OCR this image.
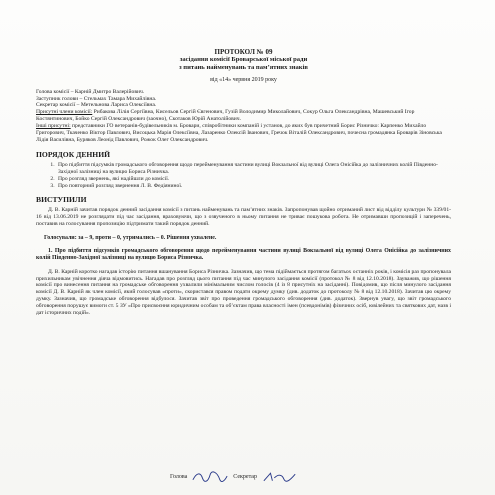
ПРОТОКОЛ № 09
засідання комісії Броварської міської ради
з питань найменувань та пам’ятних знаків
від «14» червня 2019 року
Голова комісії – Карній Дмитро Валерійович.
Заступник голови – Стельмах Тамара Михайлівна.
Секретар комісії – Метельнова Лариса Олексіївна.
Присутні члени комісії: Рибакова Лілія Сергіївна, Кисельов Сергій Євгенович, Гузій Володимир Миколайович, Сокур Ольга Олександрівна, Машевський Ігор Костянтинович, Бойко Сергій Олександрович (заочно), Скотаков Юрій Анатолійович.
Інші присутні: представники ГО ветеранів-будівельників м. Бровари, співробітники компаній і установ, до яких був причетний Борис Різничко: Карпенко Михайло Григорович, Ткаченко Віктор Павлович, Висоцька Марія Олексіївна, Лазаренко Олексій Іванович, Гречок Віталій Олександрович, почесна громадянка Броварів Зіновська Лідія Василівна, Буряков Леонід Павлович, Рожок Олег Олександрович.
ПОРЯДОК ДЕННИЙ
1. Про підбиття підсумків громадського обговорення щодо перейменування частини вулиці Вокзальної від вулиці Олега Онісійка до залізничних колій Південно-Західної залізниці на вулицю Бориса Різничка.
2. Про розгляд звернень, які надійшли до комісії.
3. Про повторний розгляд звернення Л. В. Федіяниної.
ВИСТУПИЛИ

Д. В. Карній зачитав порядок денний засідання комісії з питань найменувань та пам’ятних знаків. Запропонував щойно отриманий лист від відділу культури № 339/01-16 від 13.06.2019 не розглядати під час засідання, враховуючи, що з озвученого в ньому питання не триває пошукова робота. Не отримавши пропозицій і заперечень, поставив на голосування пропозицію підтримати такий порядок денний.

Голосували: за – 9, проти – 0, утримались – 0. Рішення ухвалене.

1. Про підбиття підсумків громадського обговорення щодо перейменування частини вулиці Вокзальної від вулиці Олега Онісійка до залізничних колій Південно-Західної залізниці на вулицю Бориса Різничка.

Д. В. Карній коротко нагадав історію питання вшанування Бориса Різничка. Зазначив, що тема підіймається протягом багатьох останніх років, і комісія раз пропонувала прихильникам увічнення діяча відмовитись. Нагадав про розгляд цього питання під час минулого засідання комісії (протокол № 8 від 12.10.2018). Зауважив, що рішення комісії про винесення питання на громадське обговорення ухвалили мінімальним числом голосів (4 із 8 присутніх на засіданні). Повідомив, що після минулого засідання комісії Д. В. Карній як член комісії, який голосував «проти», скористався правом подати окрему думку (див. додаток до протоколу № 8 від 12.10.2018). Зачитав цю окрему думку. Зазначив, що громадське обговорення відбулося. Зачитав звіт про проведення громадського обговорення (див. додаток). Звернув увагу, що звіт громадського обговорення порушує вимоги ст. 5 ЗУ «Про присвоєння юридичним особам та об’єктам права власності імен (псевдонімів) фізичних осіб, ювілейних та святкових дат, назв і дат історичних подій».

Голова	Секретар
